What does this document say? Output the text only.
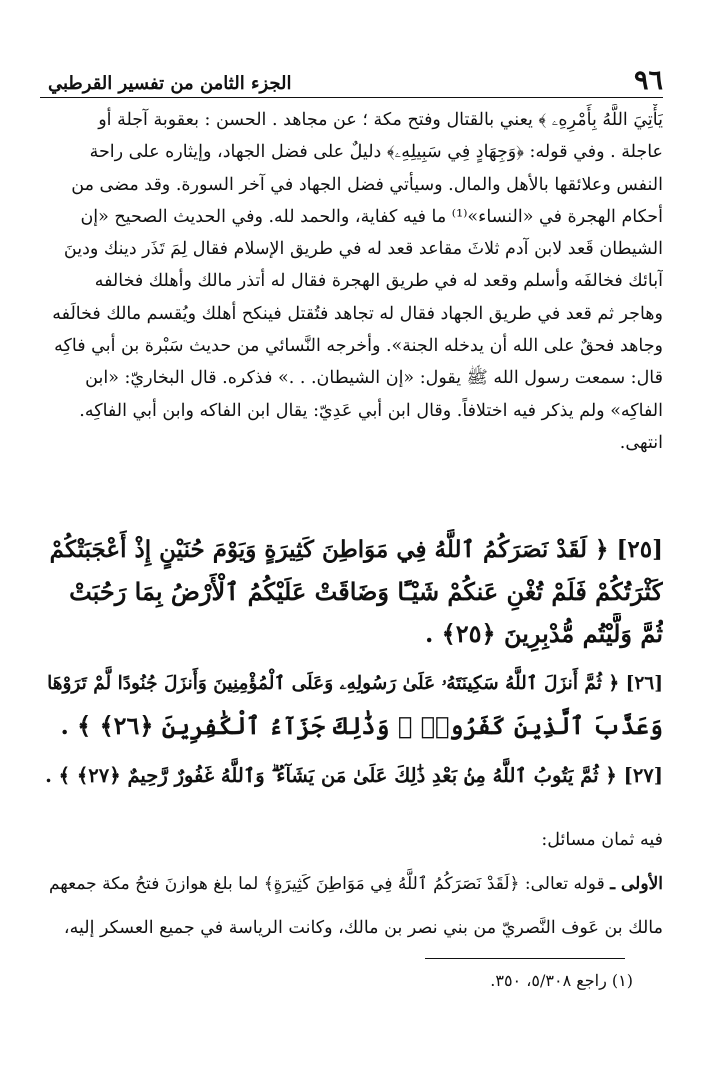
٩٦
الجزء الثامن من تفسير القرطبي
يَأْتِيَ اللَّهُ بِأَمْرِهِۦ ﴾ يعني بالقتال وفتح مكة ؛ عن مجاهد . الحسن : بعقوبة آجلة أو
عاجلة . وفي قوله: ﴿وَجِهَادٍ فِي سَبِيلِهِۦ﴾ دليلٌ على فضل الجهاد، وإيثاره على راحة
النفس وعلائقها بالأهل والمال. وسيأتي فضل الجهاد في آخر السورة. وقد مضى من
أحكام الهجرة في «النساء»⁽¹⁾ ما فيه كفاية، والحمد لله. وفي الحديث الصحيح «إن
الشيطان قَعد لابن آدم ثلاثَ مقاعد قعد له في طريق الإسلام فقال لِمَ تَذَر دينك ودينَ
آبائك فخالفَه وأسلم وقعد له في طريق الهجرة فقال له أتذر مالك وأهلك فخالفه
وهاجر ثم قعد في طريق الجهاد فقال له تجاهد فتُقتل فينكح أهلك ويُقسم مالك فخالَفه
وجاهد فحقٌ على الله أن يدخله الجنة». وأخرجه النَّسائي من حديث سَبْرة بن أبي فاكِه
قال: سمعت رسول الله ﷺ يقول: «إن الشيطان. . .» فذكره. قال البخاريّ: «ابن
الفاكِه» ولم يذكر فيه اختلافاً. وقال ابن أبي عَدِيّ: يقال ابن الفاكه وابن أبي الفاكِه.
انتهى.
[٢٥] ﴿ لَقَدْ نَصَرَكُمُ ٱللَّهُ فِي مَوَاطِنَ كَثِيرَةٍ وَيَوْمَ حُنَيْنٍ إِذْ أَعْجَبَتْكُمْ
كَثْرَتُكُمْ فَلَمْ تُغْنِ عَنكُمْ شَيْـًٔا وَضَاقَتْ عَلَيْكُمُ ٱلْأَرْضُ بِمَا رَحُبَتْ
ثُمَّ وَلَّيْتُم مُّدْبِرِينَ ﴿٢٥﴾ .
[٢٦] ﴿ ثُمَّ أَنزَلَ ٱللَّهُ سَكِينَتَهُۥ عَلَىٰ رَسُولِهِۦ وَعَلَى ٱلْمُؤْمِنِينَ وَأَنزَلَ جُنُودًا لَّمْ تَرَوْهَا
وَعَذَّبَ ٱلَّذِينَ كَفَرُوا۟ ۚ وَذَٰلِكَ جَزَآءُ ٱلْكَٰفِرِينَ ﴿٢٦﴾ ﴾ .
[٢٧] ﴿ ثُمَّ يَتُوبُ ٱللَّهُ مِنۢ بَعْدِ ذَٰلِكَ عَلَىٰ مَن يَشَآءُ ۗ وَٱللَّهُ غَفُورٌ رَّحِيمٌ ﴿٢٧﴾ ﴾ .
فيه ثمان مسائل:
الأولى ـ قوله تعالى: ﴿لَقَدْ نَصَرَكُمُ ٱللَّهُ فِي مَوَاطِنَ كَثِيرَةٍ﴾ لما بلغ هوازنَ فتحُ مكة جمعهم
مالك بن عَوف النَّصريّ من بني نصر بن مالك، وكانت الرياسة في جميع العسكر إليه،
(١) راجع ٥/٣٠٨، ٣٥٠.
